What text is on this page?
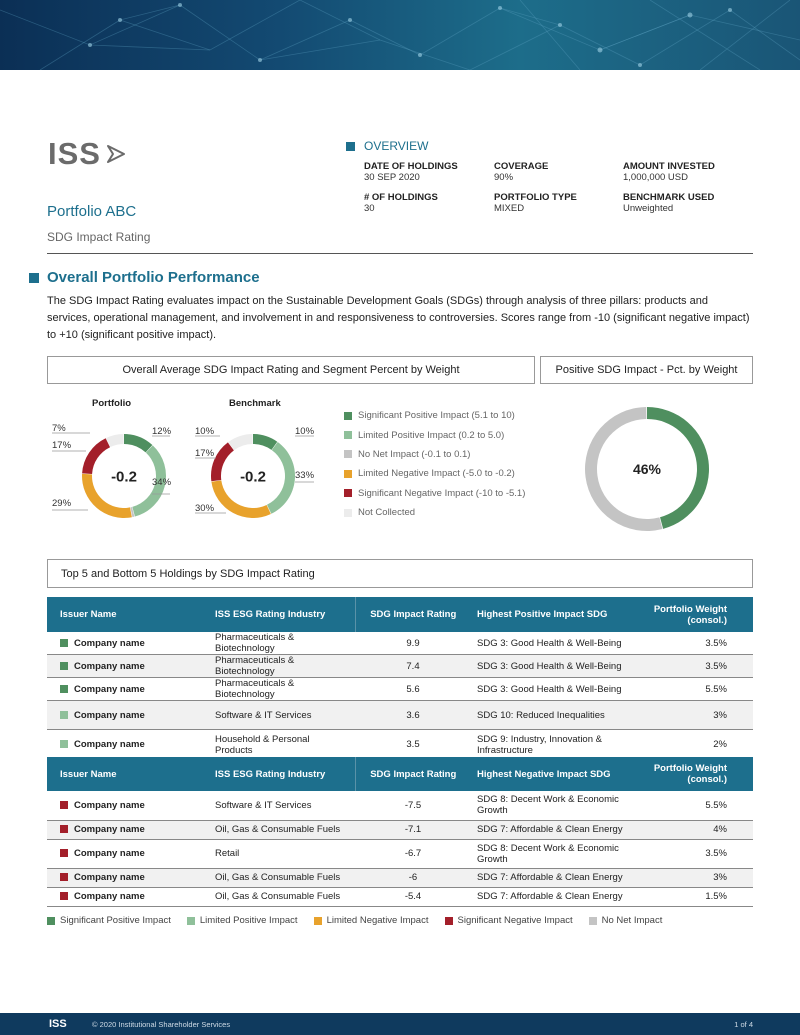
ISS
Portfolio ABC
SDG Impact Rating
OVERVIEW
DATE OF HOLDINGS
30 SEP 2020
COVERAGE
90%
AMOUNT INVESTED
1,000,000 USD
# OF HOLDINGS
30
PORTFOLIO TYPE
MIXED
BENCHMARK USED
Unweighted
Overall Portfolio Performance
The SDG Impact Rating evaluates impact on the Sustainable Development Goals (SDGs) through analysis of three pillars: products and services, operational management, and involvement in and responsiveness to controversies. Scores range from -10 (significant negative impact) to +10 (significant positive impact).
Overall Average SDG Impact Rating and Segment Percent by Weight	Positive SDG Impact - Pct. by Weight
Portfolio	Benchmark
-0.2	-0.2
7%	12%
17%
34%
29%
10%	10%
17%
33%
30%
Significant Positive Impact (5.1 to 10)
Limited Positive Impact (0.2 to 5.0)
No Net Impact (-0.1 to 0.1)
Limited Negative Impact (-5.0 to -0.2)
Significant Negative Impact (-10 to -5.1)
Not Collected
46%
Top 5 and Bottom 5 Holdings by SDG Impact Rating
Issuer Name	ISS ESG Rating Industry	SDG Impact Rating	Highest Positive Impact SDG	Portfolio Weight (consol.)
Company name	Pharmaceuticals & Biotechnology	9.9	SDG 3: Good Health & Well-Being	3.5%
Company name	Pharmaceuticals & Biotechnology	7.4	SDG 3: Good Health & Well-Being	3.5%
Company name	Pharmaceuticals & Biotechnology	5.6	SDG 3: Good Health & Well-Being	5.5%
Company name	Software & IT Services	3.6	SDG 10: Reduced Inequalities	3%
Company name	Household & Personal Products	3.5	SDG 9: Industry, Innovation & Infrastructure	2%
Issuer Name	ISS ESG Rating Industry	SDG Impact Rating	Highest Negative Impact SDG	Portfolio Weight (consol.)
Company name	Software & IT Services	-7.5	SDG 8: Decent Work & Economic Growth	5.5%
Company name	Oil, Gas & Consumable Fuels	-7.1	SDG 7: Affordable & Clean Energy	4%
Company name	Retail	-6.7	SDG 8: Decent Work & Economic Growth	3.5%
Company name	Oil, Gas & Consumable Fuels	-6	SDG 7: Affordable & Clean Energy	3%
Company name	Oil, Gas & Consumable Fuels	-5.4	SDG 7: Affordable & Clean Energy	1.5%
Significant Positive Impact	Limited Positive Impact	Limited Negative Impact	Significant Negative Impact	No Net Impact
ISS	© 2020 Institutional Shareholder Services	1 of 4
